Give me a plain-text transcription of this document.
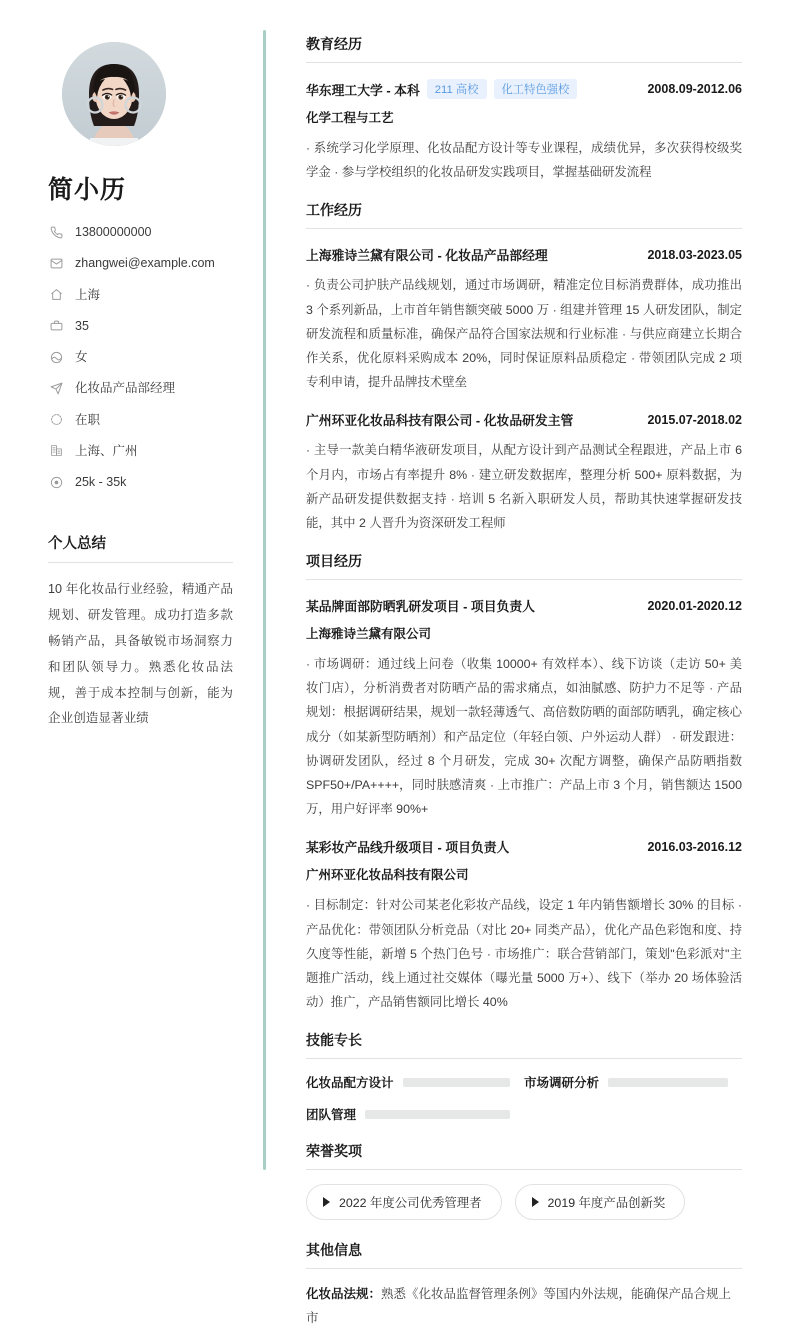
简小历
13800000000
zhangwei@example.com
上海
35
女
化妆品产品部经理
在职
上海、广州
25k - 35k
个人总结
10 年化妆品行业经验，精通产品规划、研发管理。成功打造多款畅销产品，具备敏锐市场洞察力和团队领导力。熟悉化妆品法规，善于成本控制与创新，能为企业创造显著业绩
教育经历
华东理工大学 - 本科	211 高校	化工特色强校	2008.09-2012.06
化学工程与工艺
· 系统学习化学原理、化妆品配方设计等专业课程，成绩优异，多次获得校级奖学金 · 参与学校组织的化妆品研发实践项目，掌握基础研发流程
工作经历
上海雅诗兰黛有限公司 - 化妆品产品部经理	2018.03-2023.05
· 负责公司护肤产品线规划，通过市场调研，精准定位目标消费群体，成功推出 3 个系列新品，上市首年销售额突破 5000 万 · 组建并管理 15 人研发团队，制定研发流程和质量标准，确保产品符合国家法规和行业标准 · 与供应商建立长期合作关系，优化原料采购成本 20%，同时保证原料品质稳定 · 带领团队完成 2 项专利申请，提升品牌技术壁垒
广州环亚化妆品科技有限公司 - 化妆品研发主管	2015.07-2018.02
· 主导一款美白精华液研发项目，从配方设计到产品测试全程跟进，产品上市 6 个月内，市场占有率提升 8% · 建立研发数据库，整理分析 500+ 原料数据，为新产品研发提供数据支持 · 培训 5 名新入职研发人员，帮助其快速掌握研发技能，其中 2 人晋升为资深研发工程师
项目经历
某品牌面部防晒乳研发项目 - 项目负责人	2020.01-2020.12
上海雅诗兰黛有限公司
· 市场调研：通过线上问卷（收集 10000+ 有效样本）、线下访谈（走访 50+ 美妆门店），分析消费者对防晒产品的需求痛点，如油腻感、防护力不足等 · 产品规划：根据调研结果，规划一款轻薄透气、高倍数防晒的面部防晒乳，确定核心成分（如某新型防晒剂）和产品定位（年轻白领、户外运动人群） · 研发跟进：协调研发团队，经过 8 个月研发，完成 30+ 次配方调整，确保产品防晒指数 SPF50+/PA++++，同时肤感清爽 · 上市推广：产品上市 3 个月，销售额达 1500 万，用户好评率 90%+
某彩妆产品线升级项目 - 项目负责人	2016.03-2016.12
广州环亚化妆品科技有限公司
· 目标制定：针对公司某老化彩妆产品线，设定 1 年内销售额增长 30% 的目标 · 产品优化：带领团队分析竞品（对比 20+ 同类产品），优化产品色彩饱和度、持久度等性能，新增 5 个热门色号 · 市场推广：联合营销部门，策划"色彩派对"主题推广活动，线上通过社交媒体（曝光量 5000 万+）、线下（举办 20 场体验活动）推广，产品销售额同比增长 40%
技能专长
化妆品配方设计	市场调研分析
团队管理
荣誉奖项
2022 年度公司优秀管理者	2019 年度产品创新奖
其他信息
化妆品法规：熟悉《化妆品监督管理条例》等国内外法规，能确保产品合规上市
